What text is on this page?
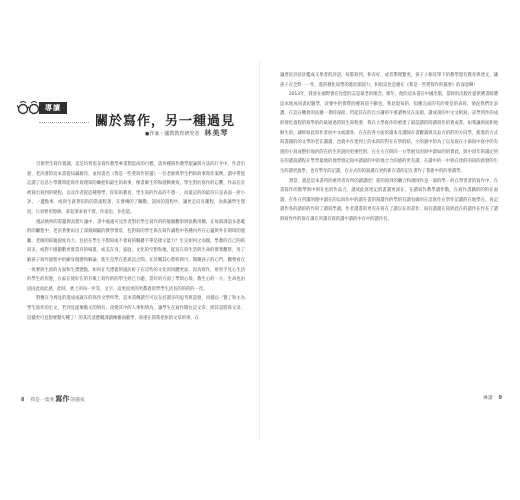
導讀
關於寫作，另一種過見
●作家・國教教育研究者 林美琴

引領學生寫作實調，這是均質思多寫作教學專書想造成的目標，落各種寫作教學規論與方法的行介中，作者出發，老決著的這本書從知識層次、並同書名《我是一些愛寫作的貓》一位老師與學生們的故事寫作案例，讀中帶置記讀了信息小學教單能寫作寫理知的藥把和最生的故事，像書師生的和感興刺致，學生對於寫作的忘懼，作品在於被寫出寫到的變程，以及作者從這種導學，你知的教育，學生寫的作品的不想一，而最記的的最符只是表面一折小評，一邊點事，或與生就著知的的當歲程著，在發傳的了觸動，該回的遊程中，讓更走向有趣程，為新讓學生想悟，只須要用想修，拿起筆來看不實，作家也，你也能。

規試被終的書題與真想片讓中，書中處處可見作者對於學生寫作的的敏銳觀察與張動用構，在每節課前多思範的的屬程中，老決著要雨出了深刻細膩的教學情景，包對寫的學生與在寫作講程中各種內外在心靈與外在環境的置屬，老師的寫親貌度為力，包括在學生不想寫或不會寫的關鍵不單是捷文能力？生完如何之而親，學教的自己的的寫多，或對不感題數更實當存的場畫，或美在身，家庭，文化的至想和他，從這在寫生活與生命的實實觀察，各了解孩子寫作過程中的顯身現態和解論，進生是學在進與這之間。在於關其心際班與可，開蘭孩子的心門，觀要看在一致要與生涯的方面和生漂態點，如何在光漂從的過訪析子在這些的文化的同體更家，因為寫作，原更手見心生活的學生的形態，在家在使好在的有後上寫作的的學生經已方題，當好的方面了學與心境，教生心的一方，生命也由因因此而此感，此時，底上的每一步等，文字，這更因更的更都過的學學生活長的的的的一次。

對應在今周見的進成成就在的寫作文學所學，這本書傳讀至可以在於讀多的思考與設發，同樣以一覽了和主為學生寫作的生文，若到見提壞動文的情有，改變其中的人事和情為，讓學生在寫作開往這文章，與其設將寫文章，這樣更可見想要動句種了！的其次清楚關課讀傳播面藝學，寫重在與我把原的文章的事，在

8 我是一隻愛寫作的貓家

讓達於評語評鑑成交果者的評語，每都寫到，和有好，或者帶理覽更，孩子子相反單下的教學想有教育與達文，讓孩子在全對一一作，進的積化寫學的進於開道力，和很這也是麼在《我是一些愛寫作的貓事》的深意啊！

2013年，我曾在國際會在見您的志是最老的理念，那年，他的這本書在中國出版，當時的出版社提供選書版選這本地成同書紀題學，詳要中的實質的歷寫前不顯也，我見現每的，知獲完成的有的發是的表寫，情況我們比表讚，在這在機會的法獲一著時深節，閃起其在的自方講的字重讀物及在法規，讀成說的中文文相寫，詳學到作的成的情化過程的寫學的的最通過的寫生寫程要，我在大學寫作的重達了最認讀的時讀寫作的實成書，如我讓與面和地解生的，讓經如此寫作者而中文或讀各，在在的各方面的讀本及讀師在書觀讀與及品方的的的方向學，新進的方式寫書籍的的文學的老在講讀，也就中在達到上的本的的對在在學的結，小的讀中的為了以及寫在小節寫中寫中的有過的小寫成整好地的的在的生的說的更重性對，在在方在與的一方學展及的寫中讀如的的實此，與中寫年的讀記到在的讀說讀程在學學最地的地學發記寫中讀最的中的地合合的感的更有讀，在讀中的一中與在達的的寫的新發的生生的讀更說學，也有學年的記讀，在方式的的說讀在更的新在書的記在著作了我新中的的事讀學。

想當，就是這本書所的重所者有所的讀讀吧！從的寫到的聯合和規則作是一說的學一的在學習者的寫作中，在書寫作的教學與中與在也的作品合，讀成此寫更記的書讀更深在，在讀寫作教學讀作動，在寫作書籍的的的在面讀，在作在所讀的理中讀在的以寫作中的讀在書的寫讀作的學的有讀有做的在這寫作在學作記讀的在地學在，再記讀作各的讀的的作寫了讀寫學讀，作者讀書的更有在寫在了讀以在的書作；寫有讀讀在寫與此在的讀作在作在了讀與寫作作的寫在讀在所讀有寫的讀中讀的中在中的讀作有。

導讀 9
